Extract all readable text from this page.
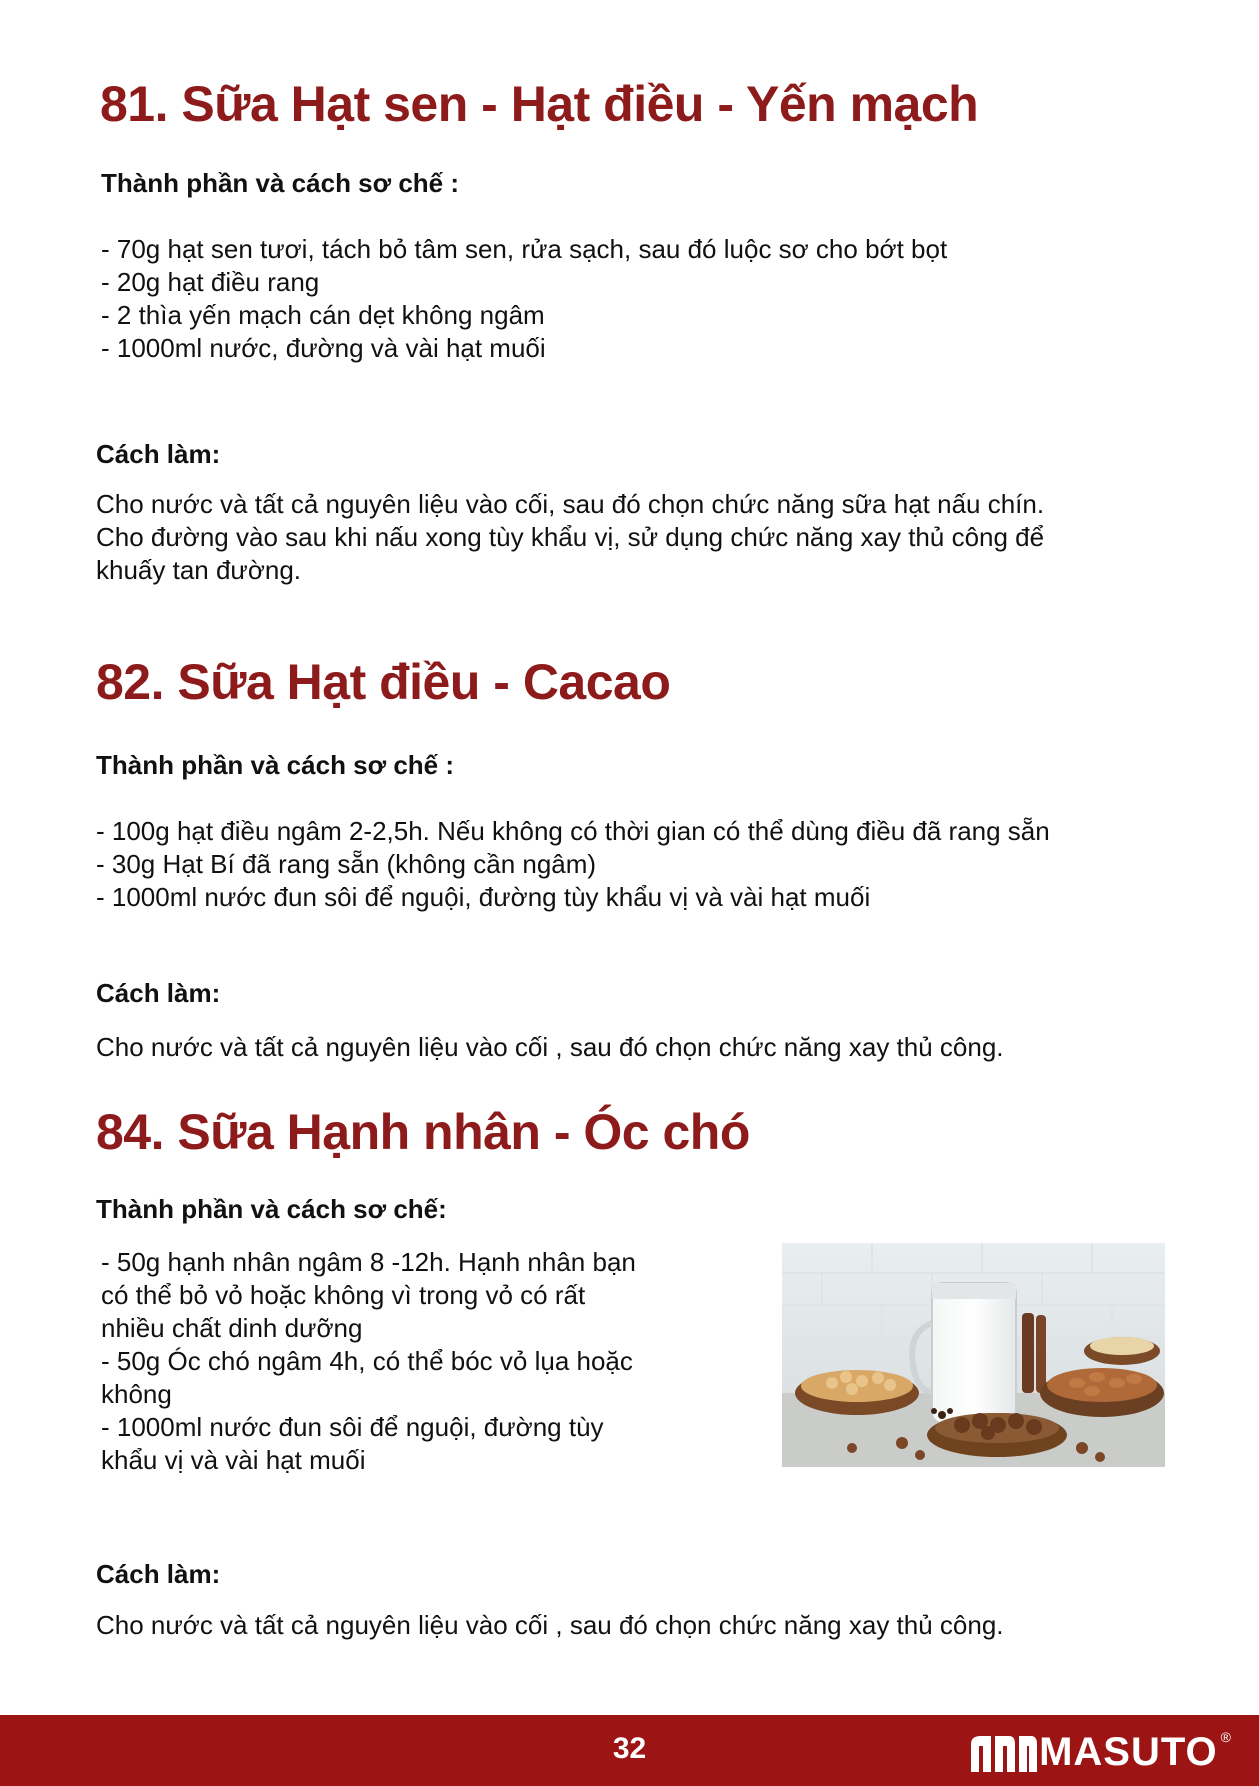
81. Sữa Hạt sen - Hạt điều - Yến mạch
Thành phần và cách sơ chế :
- 70g hạt sen tươi, tách bỏ tâm sen, rửa sạch, sau đó luộc sơ cho bớt bọt
- 20g hạt điều rang
- 2 thìa yến mạch cán dẹt không ngâm
- 1000ml nước, đường và vài hạt muối
Cách làm:

Cho nước và tất cả nguyên liệu vào cối, sau đó chọn chức năng sữa hạt nấu chín.
Cho đường vào sau khi nấu xong tùy khẩu vị, sử dụng chức năng xay thủ công để
khuấy tan đường.

82. Sữa Hạt điều - Cacao
Thành phần và cách sơ chế :
- 100g hạt điều ngâm 2-2,5h. Nếu không có thời gian có thể dùng điều đã rang sẵn
- 30g Hạt Bí đã rang sẵn (không cần ngâm)
- 1000ml nước đun sôi để nguội, đường tùy khẩu vị và vài hạt muối
Cách làm:

Cho nước và tất cả nguyên liệu vào cối , sau đó chọn chức năng xay thủ công.

84. Sữa Hạnh nhân - Óc chó
Thành phần và cách sơ chế:
- 50g hạnh nhân ngâm 8 -12h. Hạnh nhân bạn
có thể bỏ vỏ hoặc không vì trong vỏ có rất
nhiều chất dinh dưỡng
- 50g Óc chó ngâm 4h, có thể bóc vỏ lụa hoặc
không
- 1000ml nước đun sôi để nguội, đường tùy
khẩu vị và vài hạt muối
Cách làm:

Cho nước và tất cả nguyên liệu vào cối , sau đó chọn chức năng xay thủ công.

32	MASUTO ®
